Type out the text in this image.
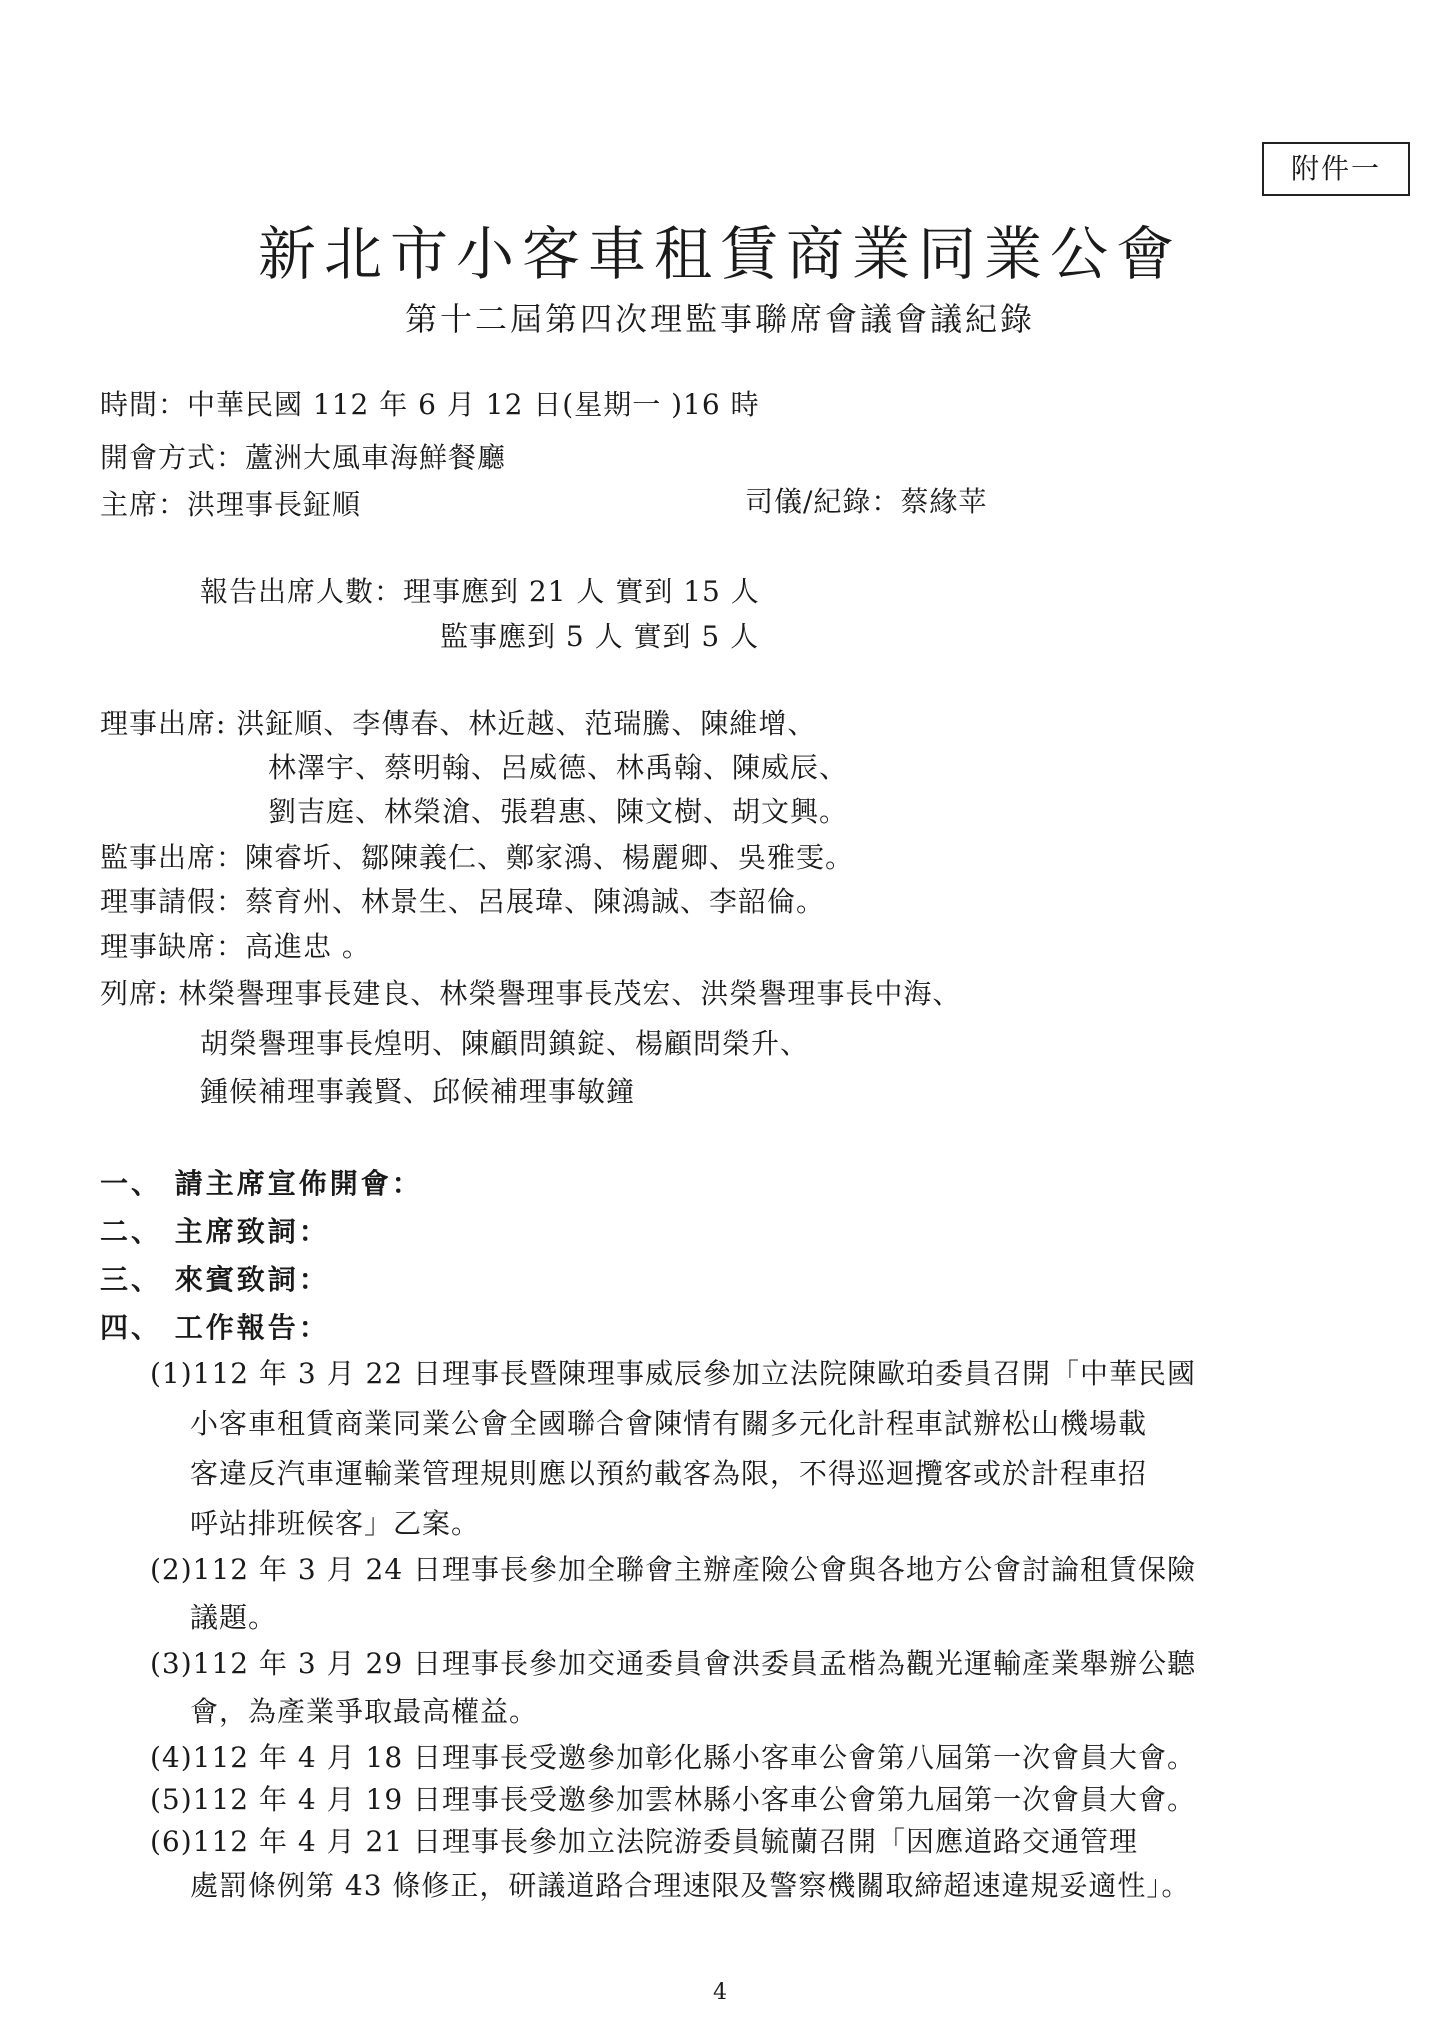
附件一
新北市小客車租賃商業同業公會
第十二屆第四次理監事聯席會議會議紀錄
時間：中華民國 112 年 6 月 12 日(星期一 )16 時
開會方式：蘆洲大風車海鮮餐廳
主席：洪理事長鉦順	司儀/紀錄：蔡緣苹
報告出席人數：理事應到 21 人 實到 15 人
監事應到 5 人 實到 5 人
理事出席: 洪鉦順、李傳春、林近越、范瑞騰、陳維增、
林澤宇、蔡明翰、呂威德、林禹翰、陳威辰、
劉吉庭、林榮滄、張碧惠、陳文樹、胡文興。
監事出席：陳睿圻、鄒陳義仁、鄭家鴻、楊麗卿、吳雅雯。
理事請假：蔡育州、林景生、呂展瑋、陳鴻誠、李韶倫。
理事缺席：高進忠 。
列席: 林榮譽理事長建良、林榮譽理事長茂宏、洪榮譽理事長中海、
胡榮譽理事長煌明、陳顧問鎮錠、楊顧問榮升、
鍾候補理事義賢、邱候補理事敏鐘
一、 請主席宣佈開會：
二、 主席致詞：
三、 來賓致詞：
四、 工作報告：
(1)112 年 3 月 22 日理事長暨陳理事威辰參加立法院陳歐珀委員召開「中華民國
小客車租賃商業同業公會全國聯合會陳情有關多元化計程車試辦松山機場載
客違反汽車運輸業管理規則應以預約載客為限，不得巡迴攬客或於計程車招
呼站排班候客」乙案。
(2)112 年 3 月 24 日理事長參加全聯會主辦產險公會與各地方公會討論租賃保險
議題。
(3)112 年 3 月 29 日理事長參加交通委員會洪委員孟楷為觀光運輸產業舉辦公聽
會，為產業爭取最高權益。
(4)112 年 4 月 18 日理事長受邀參加彰化縣小客車公會第八屆第一次會員大會。
(5)112 年 4 月 19 日理事長受邀參加雲林縣小客車公會第九屆第一次會員大會。
(6)112 年 4 月 21 日理事長參加立法院游委員毓蘭召開「因應道路交通管理
處罰條例第 43 條修正，研議道路合理速限及警察機關取締超速違規妥適性」。
4
